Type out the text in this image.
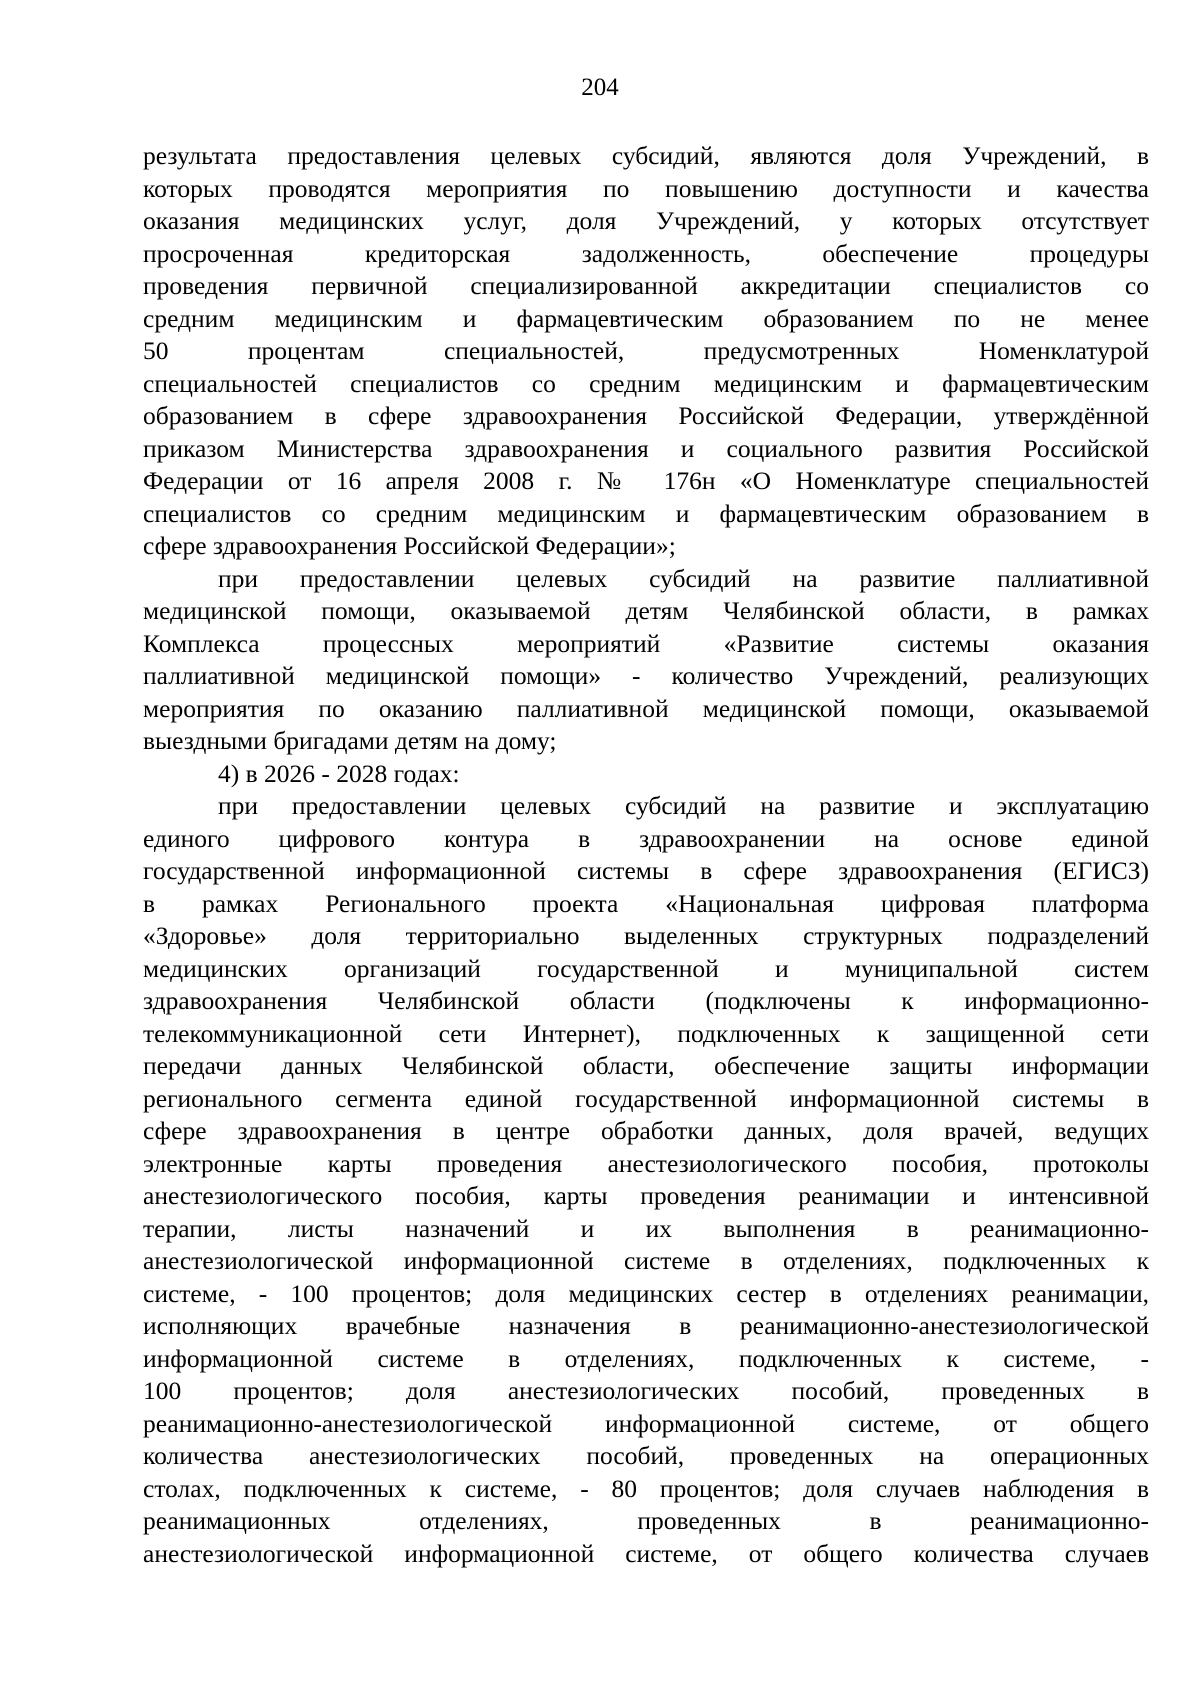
204
результата предоставления целевых субсидий, являются доля Учреждений, в
которых проводятся мероприятия по повышению доступности и качества
оказания медицинских услуг, доля Учреждений, у которых отсутствует
просроченная кредиторская задолженность, обеспечение процедуры
проведения первичной специализированной аккредитации специалистов со
средним медицинским и фармацевтическим образованием по не менее
50 процентам специальностей, предусмотренных Номенклатурой
специальностей специалистов со средним медицинским и фармацевтическим
образованием в сфере здравоохранения Российской Федерации, утверждённой
приказом Министерства здравоохранения и социального развития Российской
Федерации от 16 апреля 2008 г. № 176н «О Номенклатуре специальностей
специалистов со средним медицинским и фармацевтическим образованием в
сфере здравоохранения Российской Федерации»;
при предоставлении целевых субсидий на развитие паллиативной
медицинской помощи, оказываемой детям Челябинской области, в рамках
Комплекса процессных мероприятий «Развитие системы оказания
паллиативной медицинской помощи» - количество Учреждений, реализующих
мероприятия по оказанию паллиативной медицинской помощи, оказываемой
выездными бригадами детям на дому;
4) в 2026 - 2028 годах:
при предоставлении целевых субсидий на развитие и эксплуатацию
единого цифрового контура в здравоохранении на основе единой
государственной информационной системы в сфере здравоохранения (ЕГИСЗ)
в рамках Регионального проекта «Национальная цифровая платформа
«Здоровье» доля территориально выделенных структурных подразделений
медицинских организаций государственной и муниципальной систем
здравоохранения Челябинской области (подключены к информационно-
телекоммуникационной сети Интернет), подключенных к защищенной сети
передачи данных Челябинской области, обеспечение защиты информации
регионального сегмента единой государственной информационной системы в
сфере здравоохранения в центре обработки данных, доля врачей, ведущих
электронные карты проведения анестезиологического пособия, протоколы
анестезиологического пособия, карты проведения реанимации и интенсивной
терапии, листы назначений и их выполнения в реанимационно-
анестезиологической информационной системе в отделениях, подключенных к
системе, - 100 процентов; доля медицинских сестер в отделениях реанимации,
исполняющих врачебные назначения в реанимационно-анестезиологической
информационной системе в отделениях, подключенных к системе, -
100 процентов; доля анестезиологических пособий, проведенных в
реанимационно-анестезиологической информационной системе, от общего
количества анестезиологических пособий, проведенных на операционных
столах, подключенных к системе, - 80 процентов; доля случаев наблюдения в
реанимационных отделениях, проведенных в реанимационно-
анестезиологической информационной системе, от общего количества случаев
